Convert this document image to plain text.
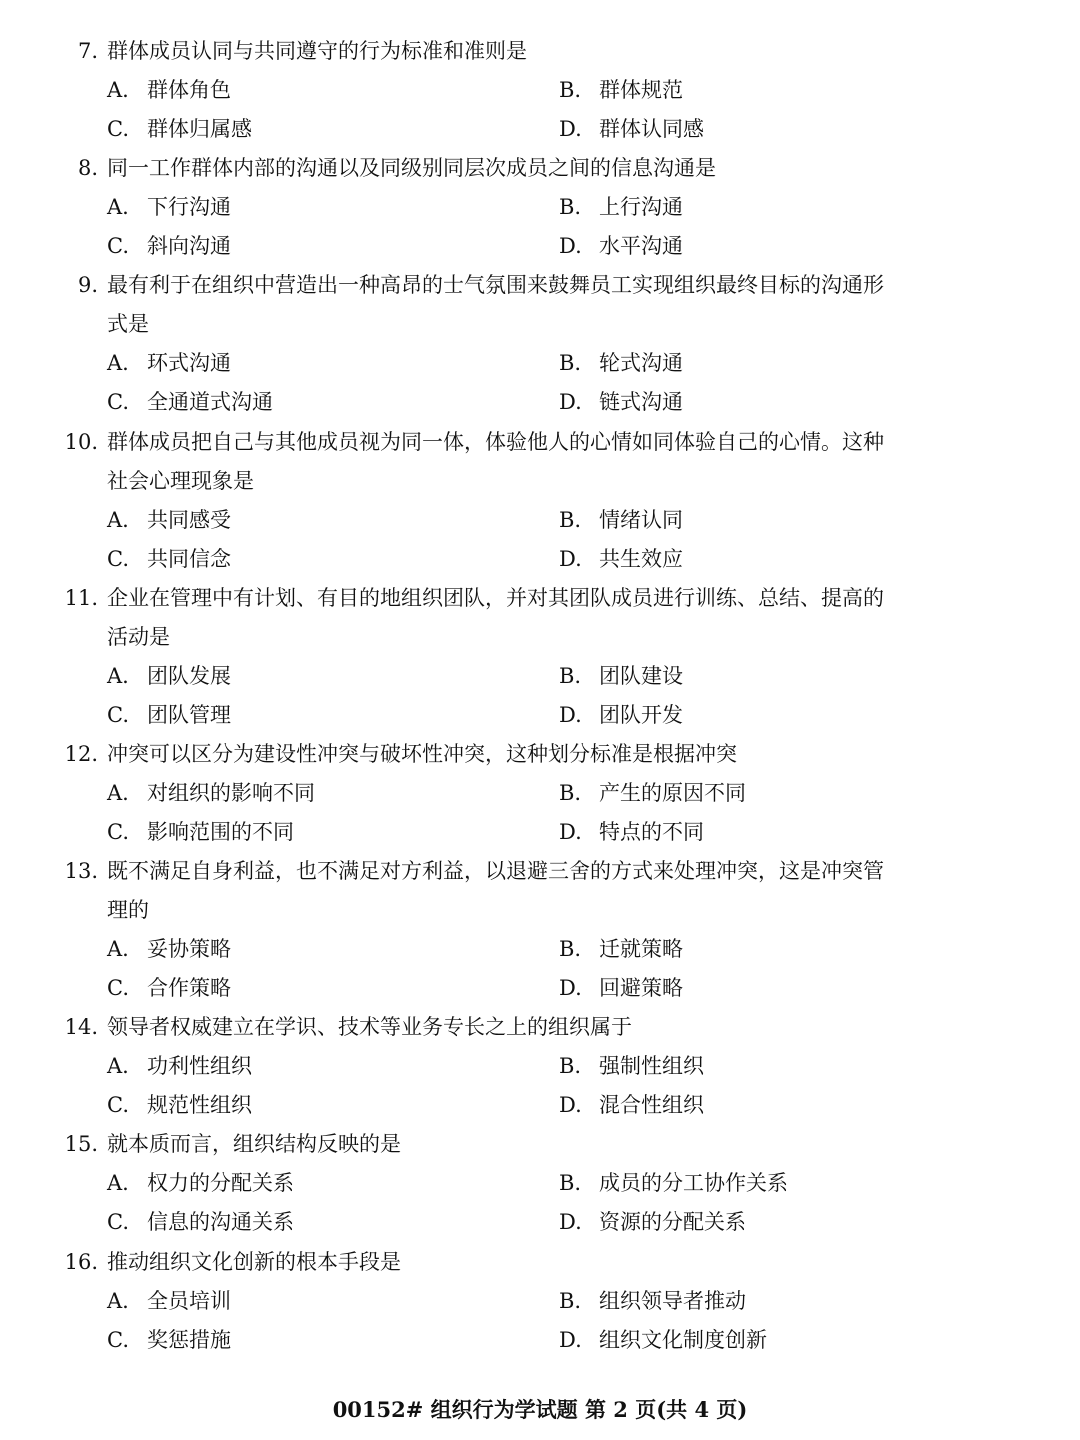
7. 群体成员认同与共同遵守的行为标准和准则是
A. 群体角色	B. 群体规范
C. 群体归属感	D. 群体认同感
8. 同一工作群体内部的沟通以及同级别同层次成员之间的信息沟通是
A. 下行沟通	B. 上行沟通
C. 斜向沟通	D. 水平沟通
9. 最有利于在组织中营造出一种高昂的士气氛围来鼓舞员工实现组织最终目标的沟通形
式是
A. 环式沟通	B. 轮式沟通
C. 全通道式沟通	D. 链式沟通
10. 群体成员把自己与其他成员视为同一体，体验他人的心情如同体验自己的心情。这种
社会心理现象是
A. 共同感受	B. 情绪认同
C. 共同信念	D. 共生效应
11. 企业在管理中有计划、有目的地组织团队，并对其团队成员进行训练、总结、提高的
活动是
A. 团队发展	B. 团队建设
C. 团队管理	D. 团队开发
12. 冲突可以区分为建设性冲突与破坏性冲突，这种划分标准是根据冲突
A. 对组织的影响不同	B. 产生的原因不同
C. 影响范围的不同	D. 特点的不同
13. 既不满足自身利益，也不满足对方利益，以退避三舍的方式来处理冲突，这是冲突管
理的
A. 妥协策略	B. 迁就策略
C. 合作策略	D. 回避策略
14. 领导者权威建立在学识、技术等业务专长之上的组织属于
A. 功利性组织	B. 强制性组织
C. 规范性组织	D. 混合性组织
15. 就本质而言，组织结构反映的是
A. 权力的分配关系	B. 成员的分工协作关系
C. 信息的沟通关系	D. 资源的分配关系
16. 推动组织文化创新的根本手段是
A. 全员培训	B. 组织领导者推动
C. 奖惩措施	D. 组织文化制度创新
00152# 组织行为学试题 第 2 页(共 4 页)
